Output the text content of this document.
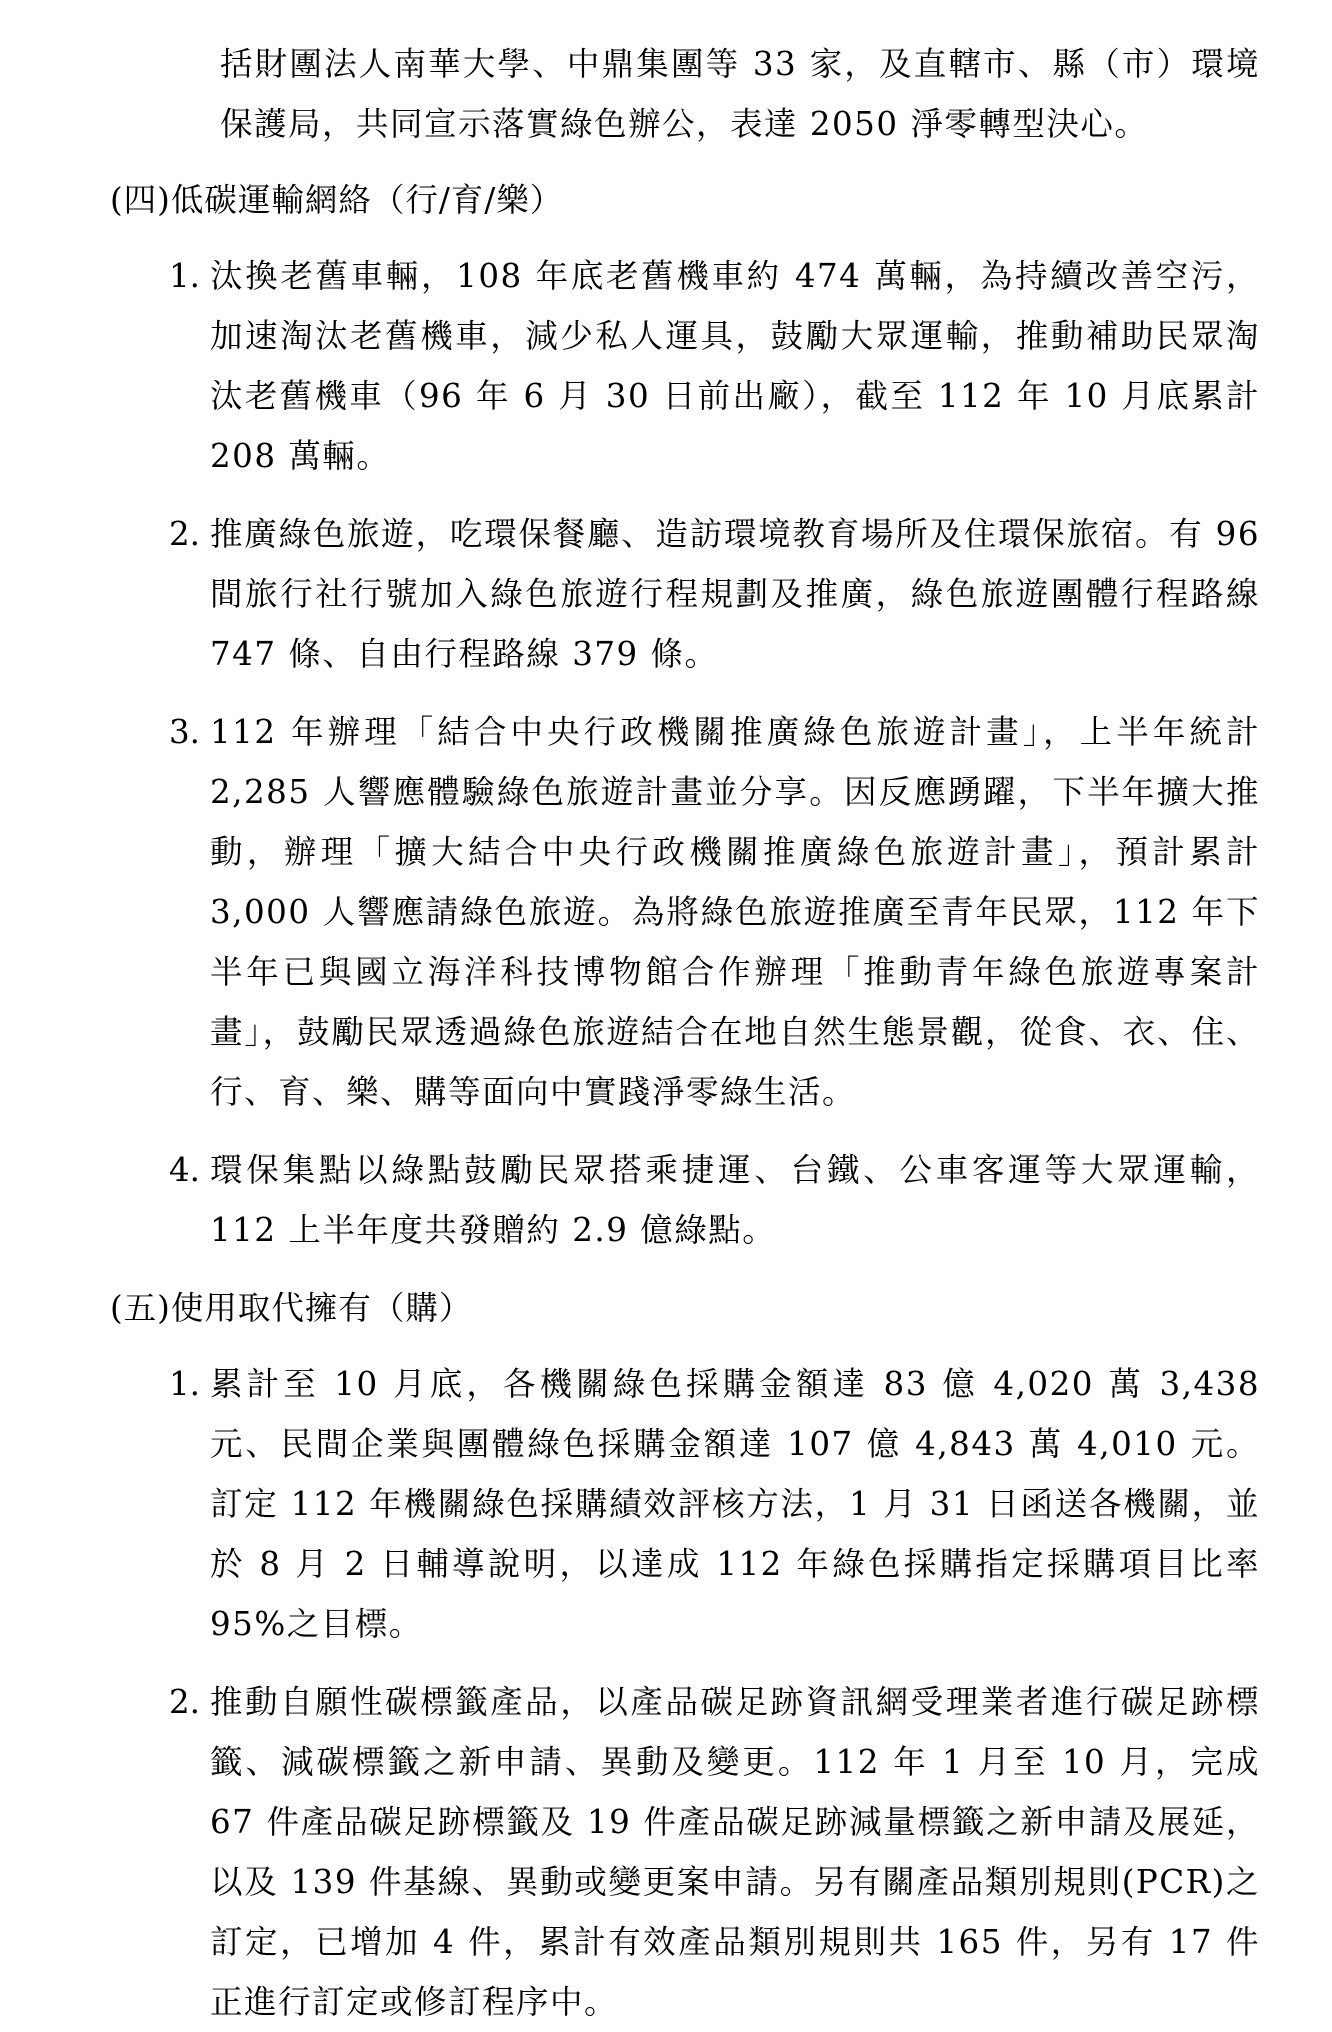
括財團法人南華大學、中鼎集團等 33 家，及直轄市、縣（市）環境保護局，共同宣示落實綠色辦公，表達 2050 淨零轉型決心。

(四)低碳運輸網絡（行/育/樂）

1. 汰換老舊車輛，108 年底老舊機車約 474 萬輛，為持續改善空污，加速淘汰老舊機車，減少私人運具，鼓勵大眾運輸，推動補助民眾淘汰老舊機車（96 年 6 月 30 日前出廠），截至 112 年 10 月底累計 208 萬輛。
2. 推廣綠色旅遊，吃環保餐廳、造訪環境教育場所及住環保旅宿。有 96 間旅行社行號加入綠色旅遊行程規劃及推廣，綠色旅遊團體行程路線 747 條、自由行程路線 379 條。
3. 112 年辦理「結合中央行政機關推廣綠色旅遊計畫」，上半年統計 2,285 人響應體驗綠色旅遊計畫並分享。因反應踴躍，下半年擴大推動，辦理「擴大結合中央行政機關推廣綠色旅遊計畫」，預計累計 3,000 人響應請綠色旅遊。為將綠色旅遊推廣至青年民眾，112 年下半年已與國立海洋科技博物館合作辦理「推動青年綠色旅遊專案計畫」，鼓勵民眾透過綠色旅遊結合在地自然生態景觀，從食、衣、住、行、育、樂、購等面向中實踐淨零綠生活。
4. 環保集點以綠點鼓勵民眾搭乘捷運、台鐵、公車客運等大眾運輸，112 上半年度共發贈約 2.9 億綠點。

(五)使用取代擁有（購）

1. 累計至 10 月底，各機關綠色採購金額達 83 億 4,020 萬 3,438 元、民間企業與團體綠色採購金額達 107 億 4,843 萬 4,010 元。訂定 112 年機關綠色採購績效評核方法，1 月 31 日函送各機關，並於 8 月 2 日輔導說明，以達成 112 年綠色採購指定採購項目比率 95%之目標。
2. 推動自願性碳標籤產品，以產品碳足跡資訊網受理業者進行碳足跡標籤、減碳標籤之新申請、異動及變更。112 年 1 月至 10 月，完成 67 件產品碳足跡標籤及 19 件產品碳足跡減量標籤之新申請及展延，以及 139 件基線、異動或變更案申請。另有關產品類別規則(PCR)之訂定，已增加 4 件，累計有效產品類別規則共 165 件，另有 17 件正進行訂定或修訂程序中。
